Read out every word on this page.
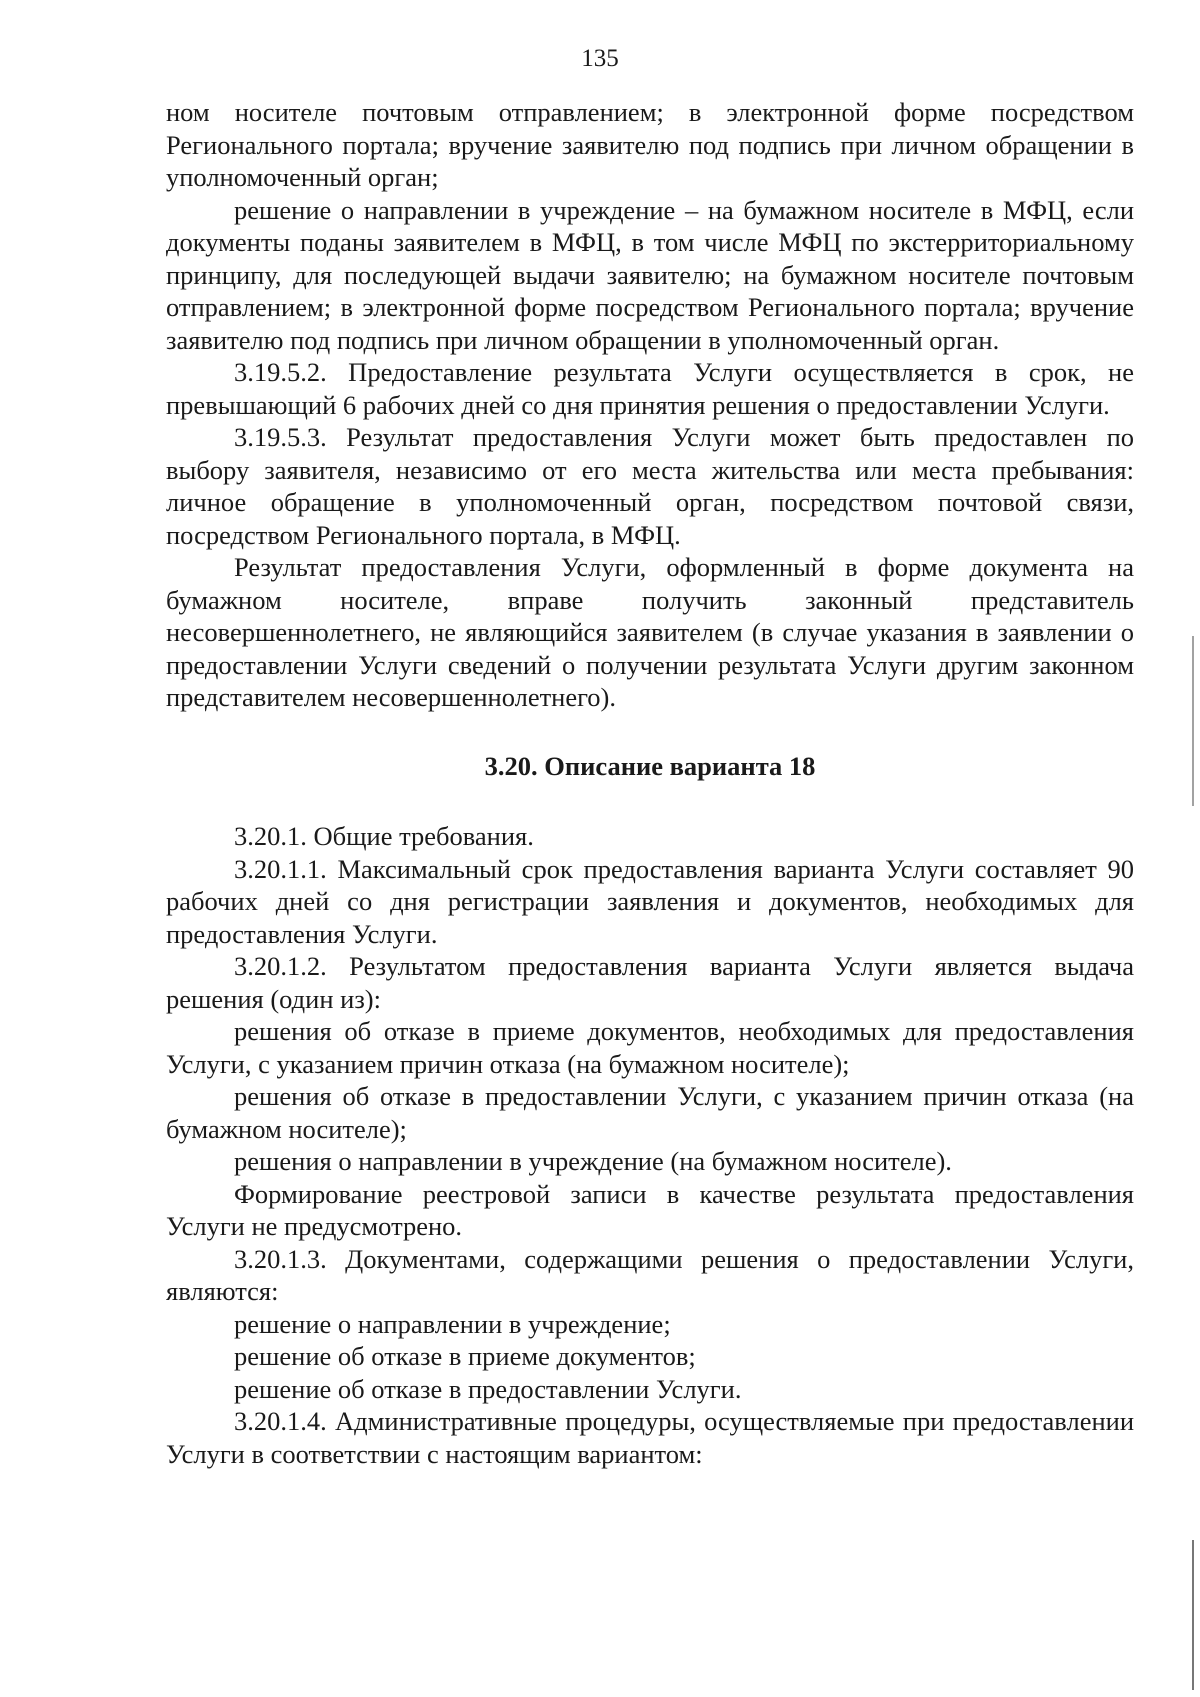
135

ном носителе почтовым отправлением; в электронной форме посредством Регионального портала; вручение заявителю под подпись при личном обращении в уполномоченный орган;

решение о направлении в учреждение – на бумажном носителе в МФЦ, если документы поданы заявителем в МФЦ, в том числе МФЦ по экстерриториальному принципу, для последующей выдачи заявителю; на бумажном носителе почтовым отправлением; в электронной форме посредством Регионального портала; вручение заявителю под подпись при личном обращении в уполномоченный орган.

3.19.5.2. Предоставление результата Услуги осуществляется в срок, не превышающий 6 рабочих дней со дня принятия решения о предоставлении Услуги.

3.19.5.3. Результат предоставления Услуги может быть предоставлен по выбору заявителя, независимо от его места жительства или места пребывания: личное обращение в уполномоченный орган, посредством почтовой связи, посредством Регионального портала, в МФЦ.

Результат предоставления Услуги, оформленный в форме документа на бумажном носителе, вправе получить законный представитель несовершеннолетнего, не являющийся заявителем (в случае указания в заявлении о предоставлении Услуги сведений о получении результата Услуги другим законном представителем несовершеннолетнего).

3.20. Описание варианта 18

3.20.1. Общие требования.

3.20.1.1. Максимальный срок предоставления варианта Услуги составляет 90 рабочих дней со дня регистрации заявления и документов, необходимых для предоставления Услуги.

3.20.1.2. Результатом предоставления варианта Услуги является выдача решения (один из):

решения об отказе в приеме документов, необходимых для предоставления Услуги, с указанием причин отказа (на бумажном носителе);

решения об отказе в предоставлении Услуги, с указанием причин отказа (на бумажном носителе);

решения о направлении в учреждение (на бумажном носителе).

Формирование реестровой записи в качестве результата предоставления Услуги не предусмотрено.

3.20.1.3. Документами, содержащими решения о предоставлении Услуги, являются:

решение о направлении в учреждение;

решение об отказе в приеме документов;

решение об отказе в предоставлении Услуги.

3.20.1.4. Административные процедуры, осуществляемые при предоставлении Услуги в соответствии с настоящим вариантом:
